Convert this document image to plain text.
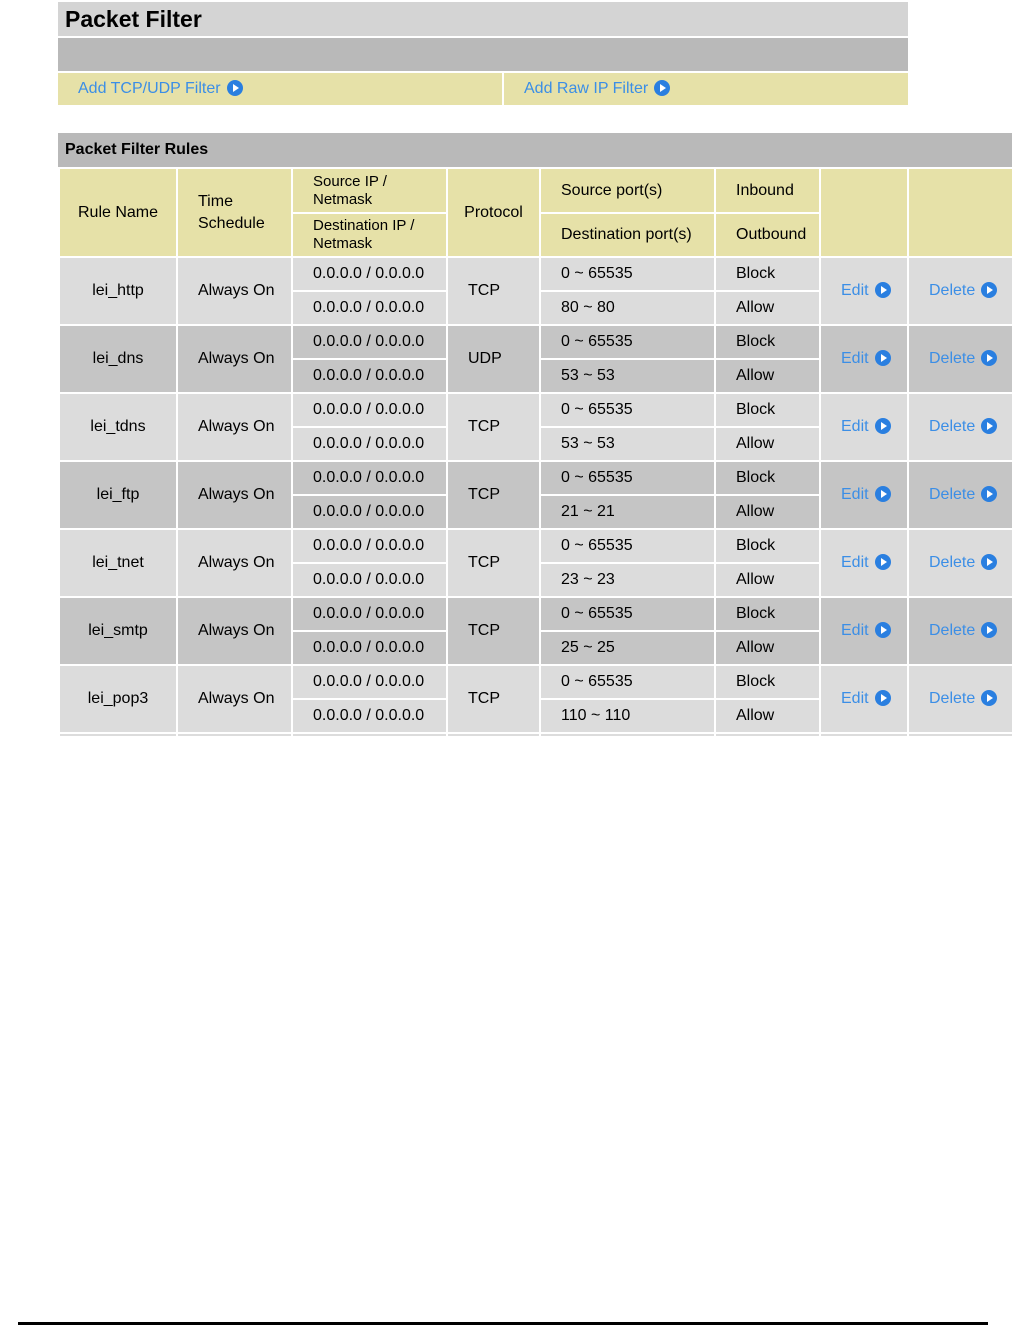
Packet Filter
Add TCP/UDP Filter	Add Raw IP Filter
Packet Filter Rules
Rule Name	Time Schedule	Source IP / Netmask	Protocol	Source port(s)	Inbound		
		Destination IP / Netmask		Destination port(s)	Outbound		
lei_http	Always On	0.0.0.0 / 0.0.0.0	TCP	0 ~ 65535	Block	Edit	Delete
		0.0.0.0 / 0.0.0.0		80 ~ 80	Allow		
lei_dns	Always On	0.0.0.0 / 0.0.0.0	UDP	0 ~ 65535	Block	Edit	Delete
		0.0.0.0 / 0.0.0.0		53 ~ 53	Allow		
lei_tdns	Always On	0.0.0.0 / 0.0.0.0	TCP	0 ~ 65535	Block	Edit	Delete
		0.0.0.0 / 0.0.0.0		53 ~ 53	Allow		
lei_ftp	Always On	0.0.0.0 / 0.0.0.0	TCP	0 ~ 65535	Block	Edit	Delete
		0.0.0.0 / 0.0.0.0		21 ~ 21	Allow		
lei_tnet	Always On	0.0.0.0 / 0.0.0.0	TCP	0 ~ 65535	Block	Edit	Delete
		0.0.0.0 / 0.0.0.0		23 ~ 23	Allow		
lei_smtp	Always On	0.0.0.0 / 0.0.0.0	TCP	0 ~ 65535	Block	Edit	Delete
		0.0.0.0 / 0.0.0.0		25 ~ 25	Allow		
lei_pop3	Always On	0.0.0.0 / 0.0.0.0	TCP	0 ~ 65535	Block	Edit	Delete
		0.0.0.0 / 0.0.0.0		110 ~ 110	Allow		
